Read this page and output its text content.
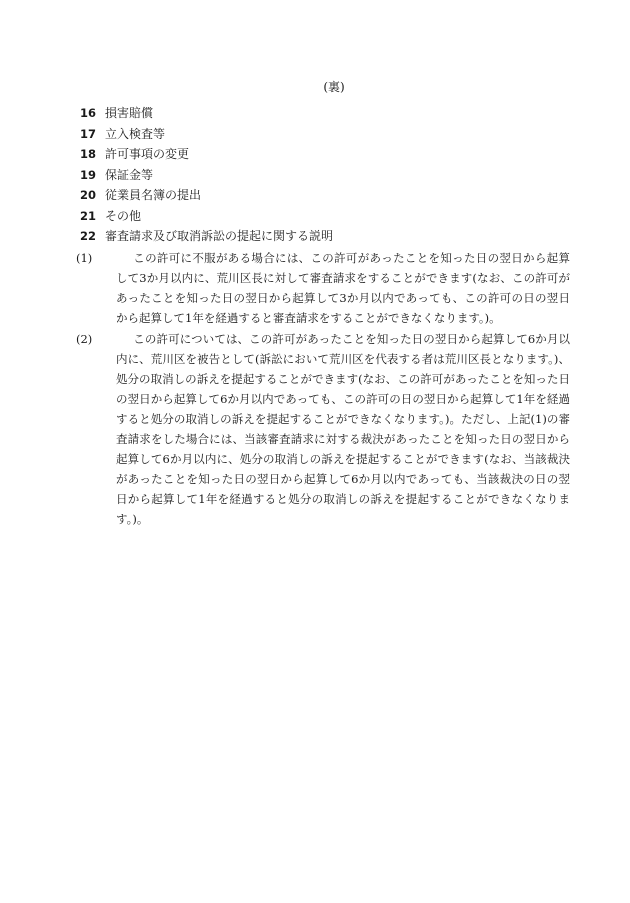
(裏)
16 損害賠償
17 立入検査等
18 許可事項の変更
19 保証金等
20 従業員名簿の提出
21 その他
22 審査請求及び取消訴訟の提起に関する説明
(1)	この許可に不服がある場合には、この許可があったことを知った日の翌日から起算して3か月以内に、荒川区長に対して審査請求をすることができます(なお、この許可があったことを知った日の翌日から起算して3か月以内であっても、この許可の日の翌日から起算して1年を経過すると審査請求をすることができなくなります。)。
(2)	この許可については、この許可があったことを知った日の翌日から起算して6か月以内に、荒川区を被告として(訴訟において荒川区を代表する者は荒川区長となります。)、処分の取消しの訴えを提起することができます(なお、この許可があったことを知った日の翌日から起算して6か月以内であっても、この許可の日の翌日から起算して1年を経過すると処分の取消しの訴えを提起することができなくなります。)。ただし、上記(1)の審査請求をした場合には、当該審査請求に対する裁決があったことを知った日の翌日から起算して6か月以内に、処分の取消しの訴えを提起することができます(なお、当該裁決があったことを知った日の翌日から起算して6か月以内であっても、当該裁決の日の翌日から起算して1年を経過すると処分の取消しの訴えを提起することができなくなります。)。
